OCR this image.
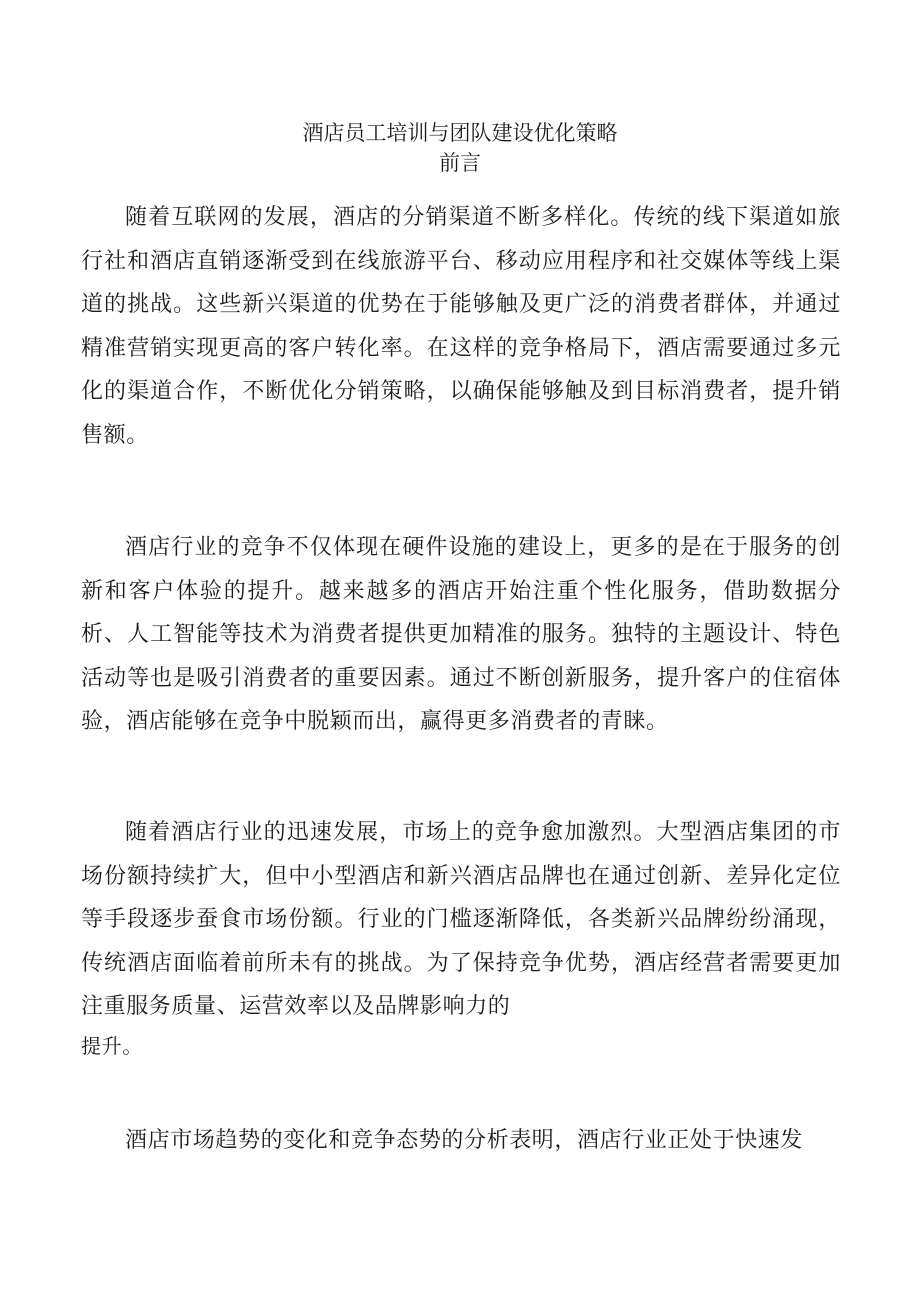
酒店员工培训与团队建设优化策略
前言

随着互联网的发展，酒店的分销渠道不断多样化。传统的线下渠道如旅行社和酒店直销逐渐受到在线旅游平台、移动应用程序和社交媒体等线上渠道的挑战。这些新兴渠道的优势在于能够触及更广泛的消费者群体，并通过精准营销实现更高的客户转化率。在这样的竞争格局下，酒店需要通过多元化的渠道合作，不断优化分销策略，以确保能够触及到目标消费者，提升销售额。

酒店行业的竞争不仅体现在硬件设施的建设上，更多的是在于服务的创新和客户体验的提升。越来越多的酒店开始注重个性化服务，借助数据分析、人工智能等技术为消费者提供更加精准的服务。独特的主题设计、特色活动等也是吸引消费者的重要因素。通过不断创新服务，提升客户的住宿体验，酒店能够在竞争中脱颖而出，赢得更多消费者的青睐。

随着酒店行业的迅速发展，市场上的竞争愈加激烈。大型酒店集团的市场份额持续扩大，但中小型酒店和新兴酒店品牌也在通过创新、差异化定位等手段逐步蚕食市场份额。行业的门槛逐渐降低，各类新兴品牌纷纷涌现，传统酒店面临着前所未有的挑战。为了保持竞争优势，酒店经营者需要更加注重服务质量、运营效率以及品牌影响力的
提升。

酒店市场趋势的变化和竞争态势的分析表明，酒店行业正处于快速发
